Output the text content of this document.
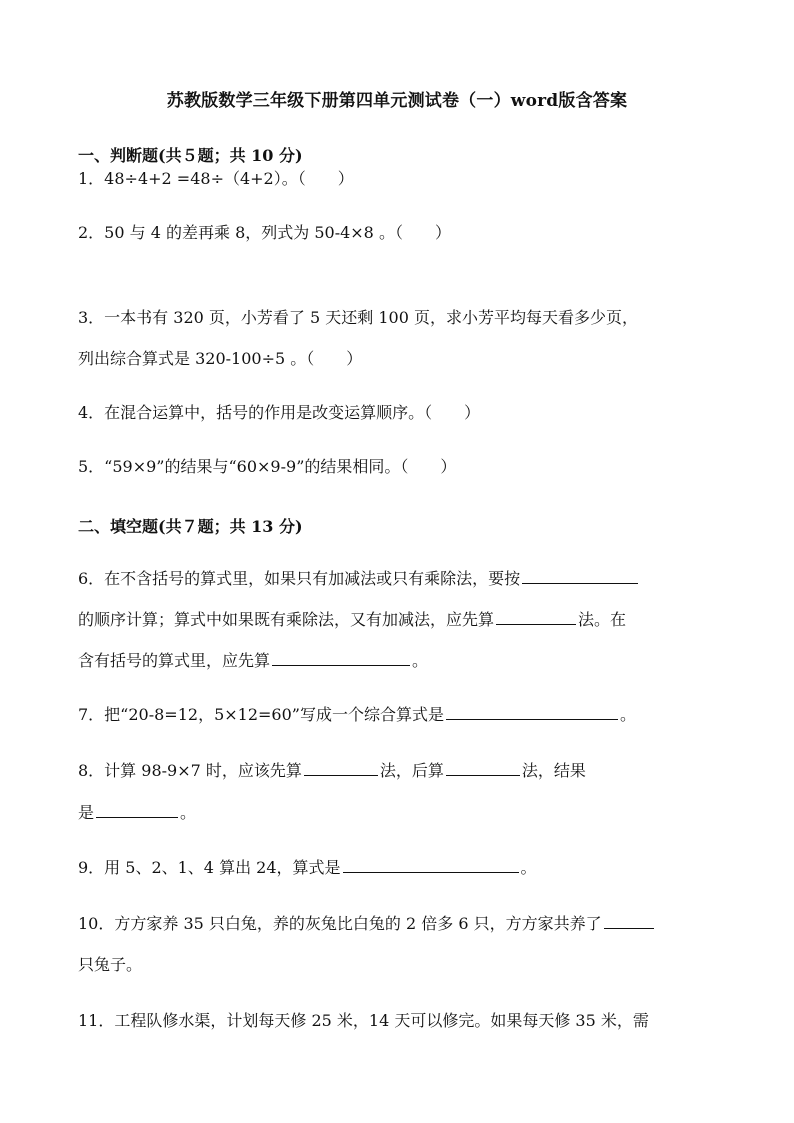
苏教版数学三年级下册第四单元测试卷（一）word版含答案
一、判断题(共５题；共 10 分)
1．48÷4+2 =48÷（4+2）。（　　）
2．50 与 4 的差再乘 8，列式为 50-4×8 。（　　）
3．一本书有 320 页，小芳看了 5 天还剩 100 页，求小芳平均每天看多少页，
列出综合算式是 320-100÷5 。（　　）
4．在混合运算中，括号的作用是改变运算顺序。（　　）
5．“59×9”的结果与“60×9-9”的结果相同。（　　）
二、填空题(共７题；共 13 分)
6．在不含括号的算式里，如果只有加减法或只有乘除法，要按
的顺序计算；算式中如果既有乘除法，又有加减法，应先算	法。在
含有括号的算式里，应先算	。
7．把“20-8=12，5×12=60”写成一个综合算式是	。
8．计算 98-9×7 时，应该先算	法，后算	法，结果
是	。
9．用 5、2、1、4 算出 24，算式是	。
10．方方家养 35 只白兔，养的灰兔比白兔的 2 倍多 6 只，方方家共养了
只兔子。
11．工程队修水渠，计划每天修 25 米，14 天可以修完。如果每天修 35 米，需
